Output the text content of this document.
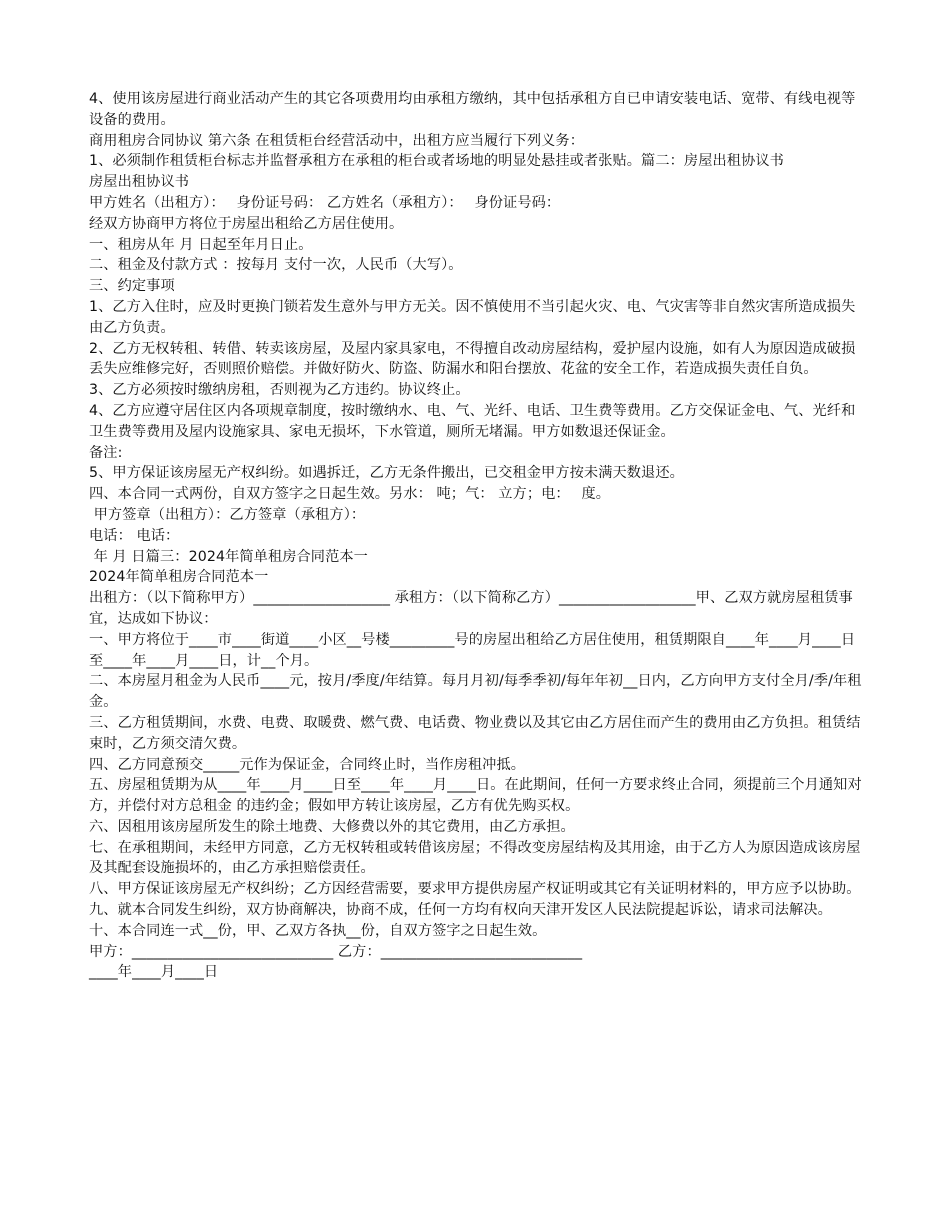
4、使用该房屋进行商业活动产生的其它各项费用均由承租方缴纳，其中包括承租方自已申请安装电话、宽带、有线电视等设备的费用。

商用租房合同协议 第六条 在租赁柜台经营活动中，出租方应当履行下列义务：

1、必须制作租赁柜台标志并监督承租方在承租的柜台或者场地的明显处悬挂或者张贴。篇二：房屋出租协议书

房屋出租协议书

甲方姓名（出租方）：　 身份证号码： 乙方姓名（承租方）：　 身份证号码：

经双方协商甲方将位于房屋出租给乙方居住使用。

一、租房从年 月 日起至年月日止。

二、租金及付款方式 ：按每月 支付一次，人民币（大写）。

三、约定事项

1、乙方入住时，应及时更换门锁若发生意外与甲方无关。因不慎使用不当引起火灾、电、气灾害等非自然灾害所造成损失由乙方负责。

2、乙方无权转租、转借、转卖该房屋，及屋内家具家电，不得擅自改动房屋结构，爱护屋内设施，如有人为原因造成破损丢失应维修完好，否则照价赔偿。并做好防火、防盗、防漏水和阳台摆放、花盆的安全工作，若造成损失责任自负。

3、乙方必须按时缴纳房租，否则视为乙方违约。协议终止。

4、乙方应遵守居住区内各项规章制度，按时缴纳水、电、气、光纤、电话、卫生费等费用。乙方交保证金电、气、光纤和卫生费等费用及屋内设施家具、家电无损坏，下水管道，厕所无堵漏。甲方如数退还保证金。

备注:

5、甲方保证该房屋无产权纠纷。如遇拆迁，乙方无条件搬出，已交租金甲方按未满天数退还。

四、本合同一式两份，自双方签字之日起生效。另水： 吨；气： 立方；电：　 度。

甲方签章（出租方）：乙方签章（承租方）：

电话： 电话：

年 月 日篇三：2024年简单租房合同范本一

2024年简单租房合同范本一

出租方：（以下简称甲方）___________________ 承租方：（以下简称乙方）___________________甲、乙双方就房屋租赁事宜，达成如下协议：

一、甲方将位于____市____街道____小区__号楼_________号的房屋出租给乙方居住使用，租赁期限自____年____月____日至____年____月____日，计__个月。

二、本房屋月租金为人民币____元，按月/季度/年结算。每月月初/每季季初/每年年初__日内，乙方向甲方支付全月/季/年租金。

三、乙方租赁期间，水费、电费、取暖费、燃气费、电话费、物业费以及其它由乙方居住而产生的费用由乙方负担。租赁结束时，乙方须交清欠费。

四、乙方同意预交_____元作为保证金，合同终止时，当作房租冲抵。

五、房屋租赁期为从____年____月____日至____年____月____日。在此期间，任何一方要求终止合同，须提前三个月通知对方，并偿付对方总租金 的违约金；假如甲方转让该房屋，乙方有优先购买权。

六、因租用该房屋所发生的除土地费、大修费以外的其它费用，由乙方承担。

七、在承租期间，未经甲方同意，乙方无权转租或转借该房屋；不得改变房屋结构及其用途，由于乙方人为原因造成该房屋及其配套设施损坏的，由乙方承担赔偿责任。

八、甲方保证该房屋无产权纠纷；乙方因经营需要，要求甲方提供房屋产权证明或其它有关证明材料的，甲方应予以协助。

九、就本合同发生纠纷，双方协商解决，协商不成，任何一方均有权向天津开发区人民法院提起诉讼，请求司法解决。

十、本合同连一式__份，甲、乙双方各执__份，自双方签字之日起生效。

甲方：____________________________ 乙方：____________________________

____年____月____日
